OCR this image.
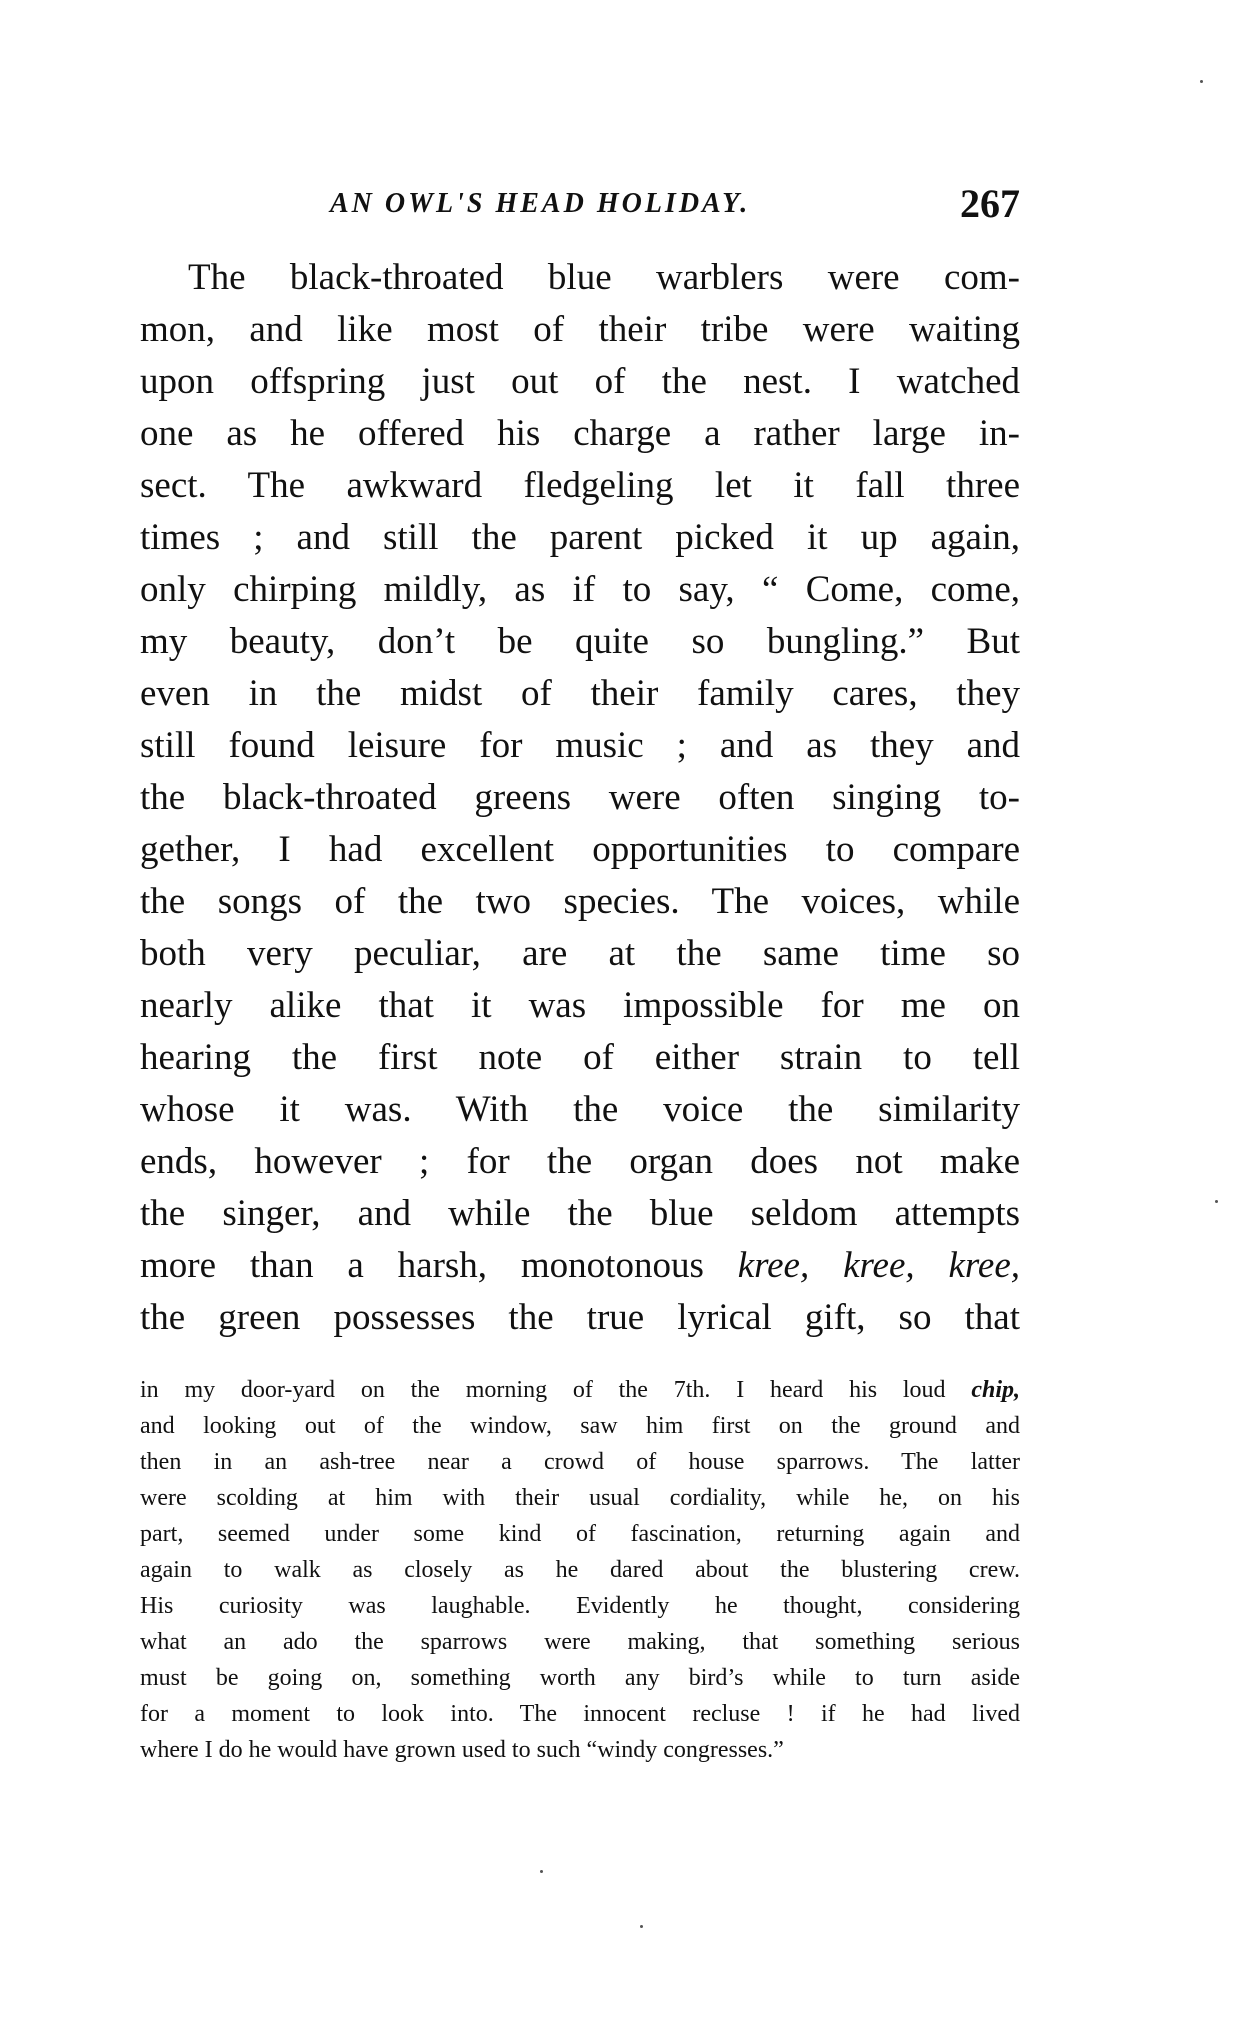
AN OWL'S HEAD HOLIDAY.	267
The black-throated blue warblers were com-
mon, and like most of their tribe were waiting
upon offspring just out of the nest. I watched
one as he offered his charge a rather large in-
sect. The awkward fledgeling let it fall three
times ; and still the parent picked it up again,
only chirping mildly, as if to say, “ Come, come,
my beauty, don’t be quite so bungling.” But
even in the midst of their family cares, they
still found leisure for music ; and as they and
the black-throated greens were often singing to-
gether, I had excellent opportunities to compare
the songs of the two species. The voices, while
both very peculiar, are at the same time so
nearly alike that it was impossible for me on
hearing the first note of either strain to tell
whose it was. With the voice the similarity
ends, however ; for the organ does not make
the singer, and while the blue seldom attempts
more than a harsh, monotonous kree, kree, kree,
the green possesses the true lyrical gift, so that
in my door-yard on the morning of the 7th. I heard his loud chip,
and looking out of the window, saw him first on the ground and
then in an ash-tree near a crowd of house sparrows. The latter
were scolding at him with their usual cordiality, while he, on his
part, seemed under some kind of fascination, returning again and
again to walk as closely as he dared about the blustering crew.
His curiosity was laughable. Evidently he thought, considering
what an ado the sparrows were making, that something serious
must be going on, something worth any bird’s while to turn aside
for a moment to look into. The innocent recluse ! if he had lived
where I do he would have grown used to such “windy congresses.”
